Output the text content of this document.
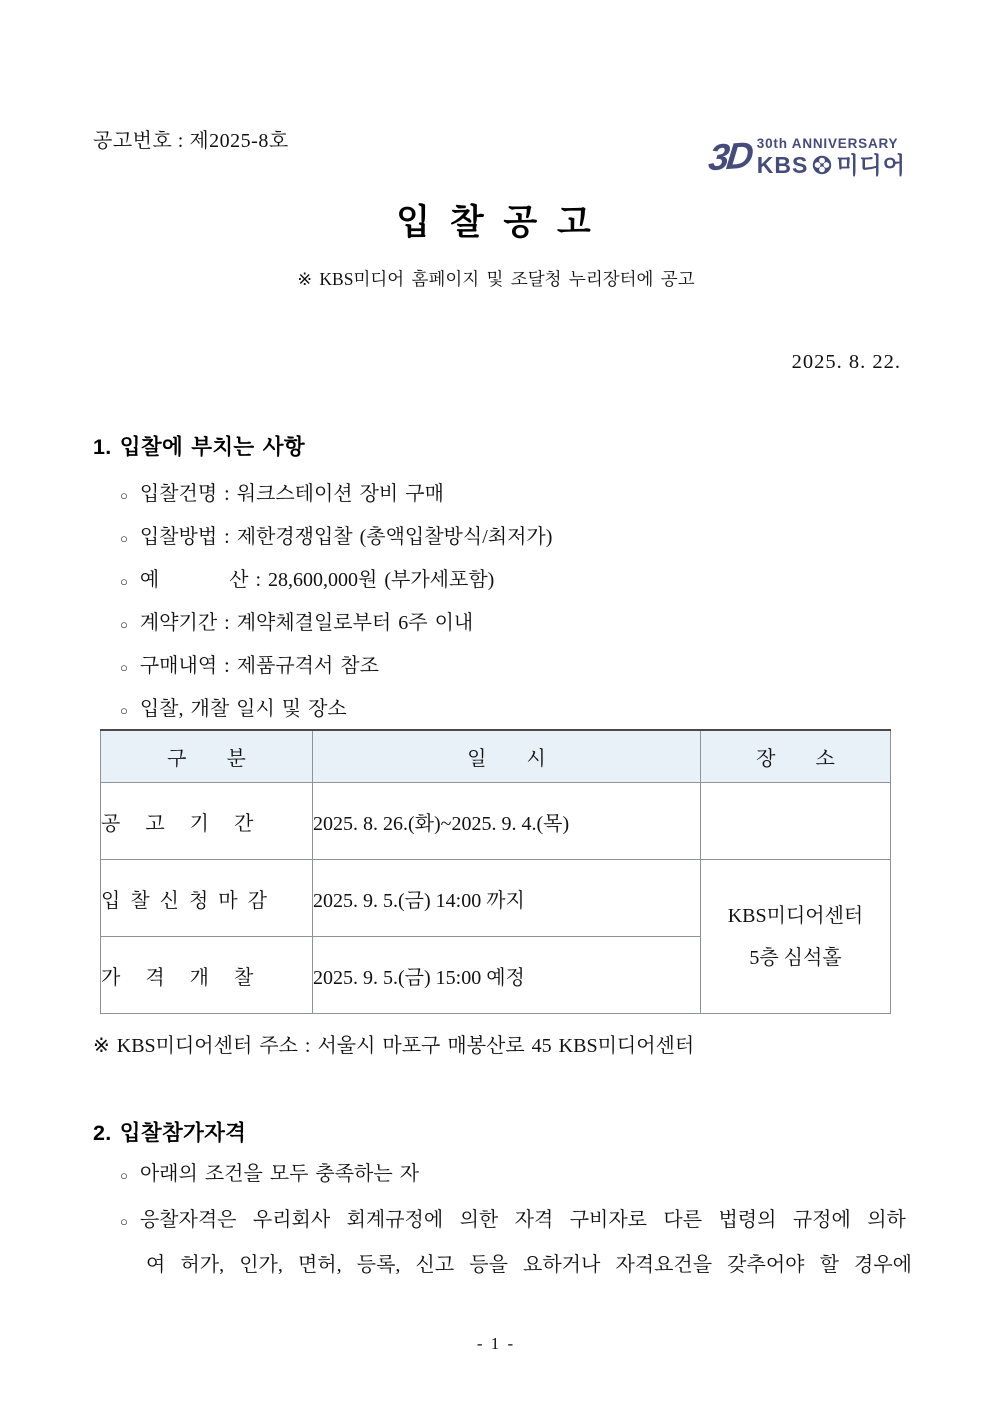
공고번호 : 제2025-8호	3D 30th ANNIVERSARY
KBS 미디어
입 찰 공 고
※ KBS미디어 홈페이지 및 조달청 누리장터에 공고
2025. 8. 22.
1. 입찰에 부치는 사항
○ 입찰건명 : 워크스테이션 장비 구매
○ 입찰방법 : 제한경쟁입찰 (총액입찰방식/최저가)
○ 예          산 : 28,600,000원 (부가세포함)
○ 계약기간 : 계약체결일로부터 6주 이내
○ 구매내역 : 제품규격서 참조
○ 입찰, 개찰 일시 및 장소
구        분	일        시	장        소
공     고     기     간	2025. 8. 26.(화)~2025. 9. 4.(목)	
입  찰  신  청  마  감	2025. 9. 5.(금) 14:00 까지	KBS미디어센터
5층 심석홀

가     격     개     찰	2025. 9. 5.(금) 15:00 예정	
※ KBS미디어센터 주소 : 서울시 마포구 매봉산로 45 KBS미디어센터
2. 입찰참가자격
○ 아래의 조건을 모두 충족하는 자
○ 응찰자격은 우리회사 회계규정에 의한 자격 구비자로 다른 법령의 규정에 의하
여 허가, 인가, 면허, 등록, 신고 등을 요하거나 자격요건을 갖추어야 할 경우에
- 1 -
